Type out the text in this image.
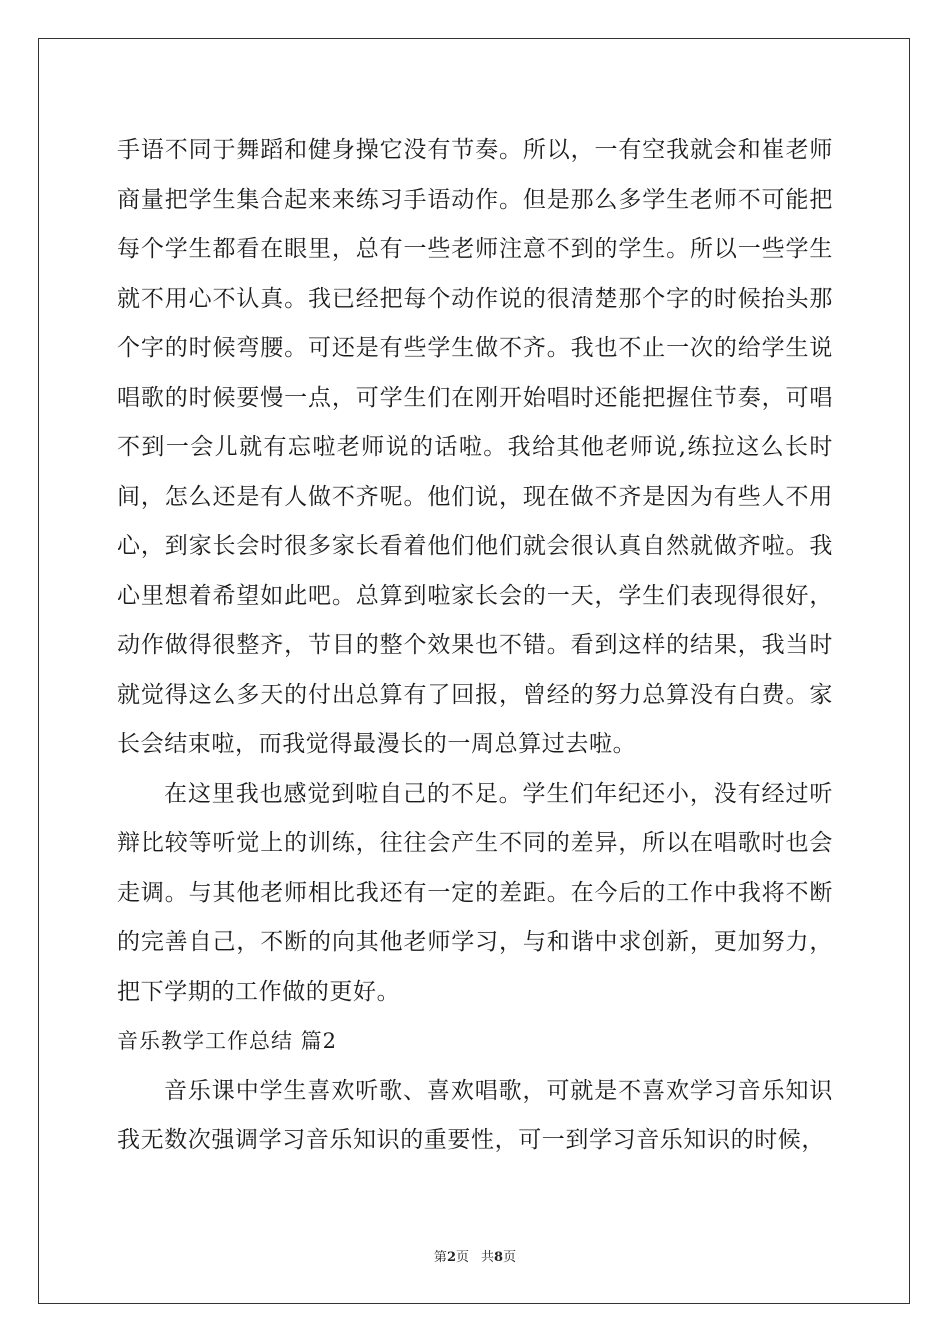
手语不同于舞蹈和健身操它没有节奏。所以，一有空我就会和崔老师商量把学生集合起来来练习手语动作。但是那么多学生老师不可能把每个学生都看在眼里，总有一些老师注意不到的学生。所以一些学生就不用心不认真。我已经把每个动作说的很清楚那个字的时候抬头那个字的时候弯腰。可还是有些学生做不齐。我也不止一次的给学生说唱歌的时候要慢一点，可学生们在刚开始唱时还能把握住节奏，可唱不到一会儿就有忘啦老师说的话啦。我给其他老师说,练拉这么长时间，怎么还是有人做不齐呢。他们说，现在做不齐是因为有些人不用心，到家长会时很多家长看着他们他们就会很认真自然就做齐啦。我心里想着希望如此吧。总算到啦家长会的一天，学生们表现得很好，动作做得很整齐，节目的整个效果也不错。看到这样的结果，我当时就觉得这么多天的付出总算有了回报，曾经的努力总算没有白费。家长会结束啦，而我觉得最漫长的一周总算过去啦。

在这里我也感觉到啦自己的不足。学生们年纪还小，没有经过听辩比较等听觉上的训练，往往会产生不同的差异，所以在唱歌时也会走调。与其他老师相比我还有一定的差距。在今后的工作中我将不断的完善自己，不断的向其他老师学习，与和谐中求创新，更加努力，把下学期的工作做的更好。

音乐教学工作总结 篇2

音乐课中学生喜欢听歌、喜欢唱歌，可就是不喜欢学习音乐知识我无数次强调学习音乐知识的重要性，可一到学习音乐知识的时候，

第2页 共8页
